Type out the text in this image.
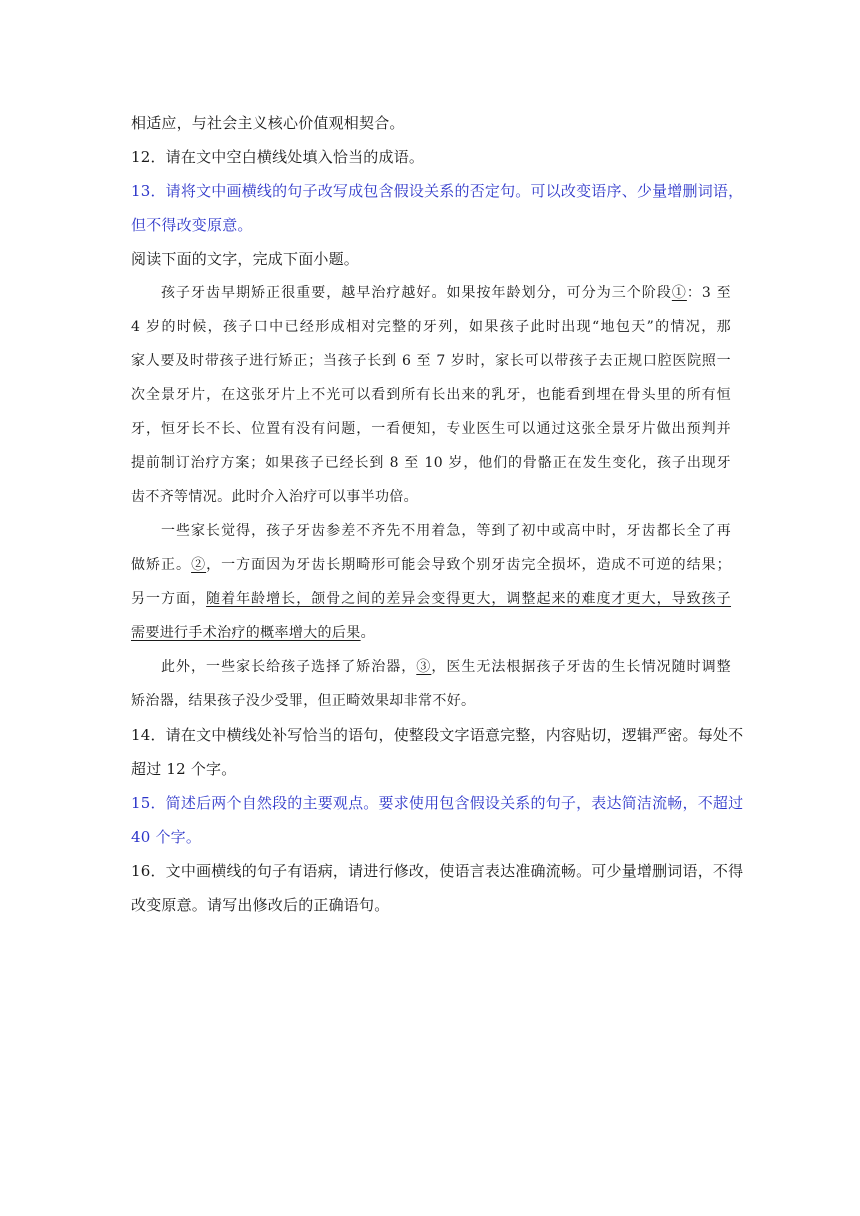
相适应，与社会主义核心价值观相契合。
12．请在文中空白横线处填入恰当的成语。
13．请将文中画横线的句子改写成包含假设关系的否定句。可以改变语序、少量增删词语，
但不得改变原意。
阅读下面的文字，完成下面小题。
孩子牙齿早期矫正很重要，越早治疗越好。如果按年龄划分，可分为三个阶段①：3 至
4 岁的时候，孩子口中已经形成相对完整的牙列，如果孩子此时出现“地包天”的情况，那
家人要及时带孩子进行矫正；当孩子长到 6 至 7 岁时，家长可以带孩子去正规口腔医院照一
次全景牙片，在这张牙片上不光可以看到所有长出来的乳牙，也能看到埋在骨头里的所有恒
牙，恒牙长不长、位置有没有问题，一看便知，专业医生可以通过这张全景牙片做出预判并
提前制订治疗方案；如果孩子已经长到 8 至 10 岁，他们的骨骼正在发生变化，孩子出现牙
齿不齐等情况。此时介入治疗可以事半功倍。
一些家长觉得，孩子牙齿参差不齐先不用着急，等到了初中或高中时，牙齿都长全了再
做矫正。②，一方面因为牙齿长期畸形可能会导致个别牙齿完全损坏，造成不可逆的结果；
另一方面，随着年龄增长，颌骨之间的差异会变得更大，调整起来的难度才更大，导致孩子
需要进行手术治疗的概率增大的后果。
此外，一些家长给孩子选择了矫治器，③，医生无法根据孩子牙齿的生长情况随时调整
矫治器，结果孩子没少受罪，但正畸效果却非常不好。
14．请在文中横线处补写恰当的语句，使整段文字语意完整，内容贴切，逻辑严密。每处不
超过 12 个字。
15．简述后两个自然段的主要观点。要求使用包含假设关系的句子，表达简洁流畅，不超过
40 个字。
16．文中画横线的句子有语病，请进行修改，使语言表达准确流畅。可少量增删词语，不得
改变原意。请写出修改后的正确语句。
